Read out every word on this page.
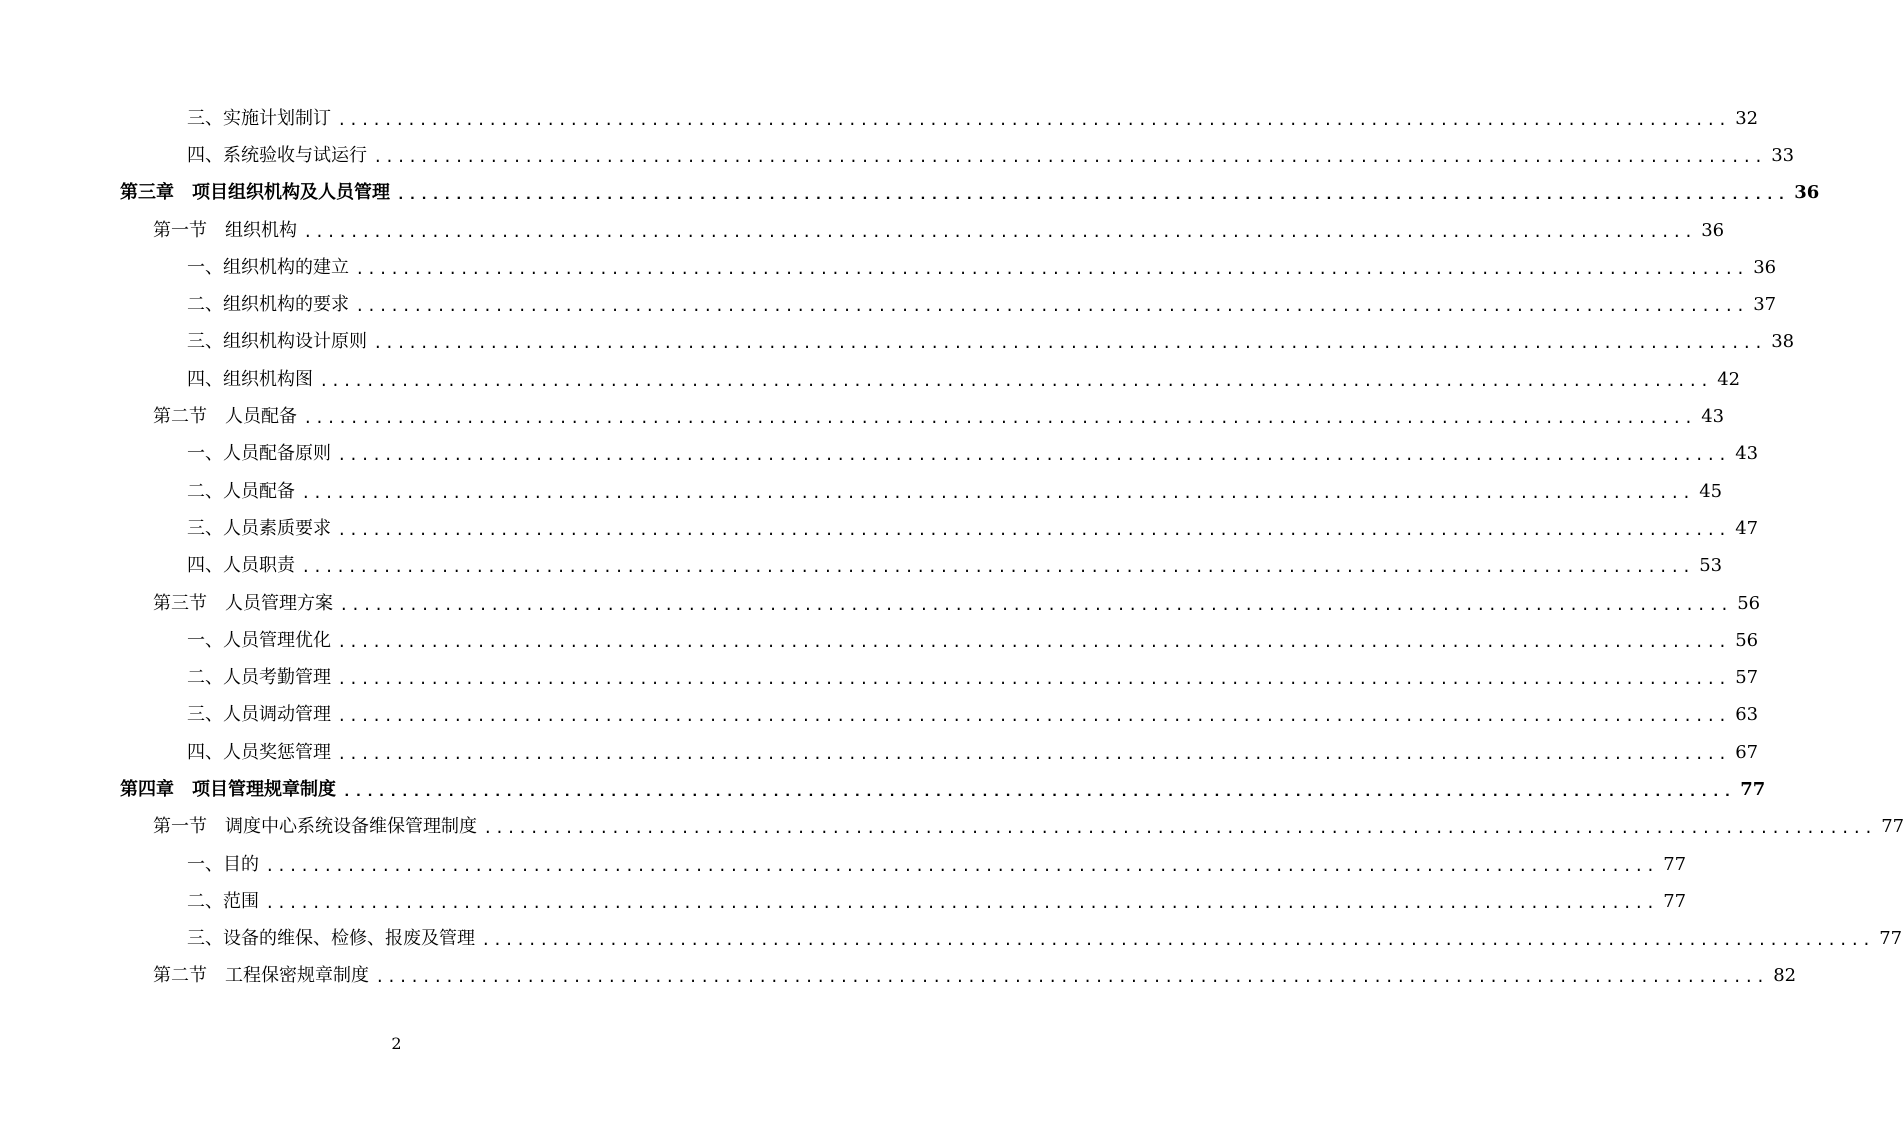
三、实施计划制订 ........................................................................................................................ 32
四、系统验收与试运行 ........................................................................................................................ 33
第三章　项目组织机构及人员管理 ........................................................................................................................ 36
第一节　组织机构 ........................................................................................................................ 36
一、组织机构的建立 ........................................................................................................................ 36
二、组织机构的要求 ........................................................................................................................ 37
三、组织机构设计原则 ........................................................................................................................ 38
四、组织机构图 ........................................................................................................................ 42
第二节　人员配备 ........................................................................................................................ 43
一、人员配备原则 ........................................................................................................................ 43
二、人员配备 ........................................................................................................................ 45
三、人员素质要求 ........................................................................................................................ 47
四、人员职责 ........................................................................................................................ 53
第三节　人员管理方案 ........................................................................................................................ 56
一、人员管理优化 ........................................................................................................................ 56
二、人员考勤管理 ........................................................................................................................ 57
三、人员调动管理 ........................................................................................................................ 63
四、人员奖惩管理 ........................................................................................................................ 67
第四章　项目管理规章制度 ........................................................................................................................ 77
第一节　调度中心系统设备维保管理制度 ........................................................................................................................ 77
一、目的 ........................................................................................................................ 77
二、范围 ........................................................................................................................ 77
三、设备的维保、检修、报废及管理 ........................................................................................................................ 77
第二节　工程保密规章制度 ........................................................................................................................ 82
2
